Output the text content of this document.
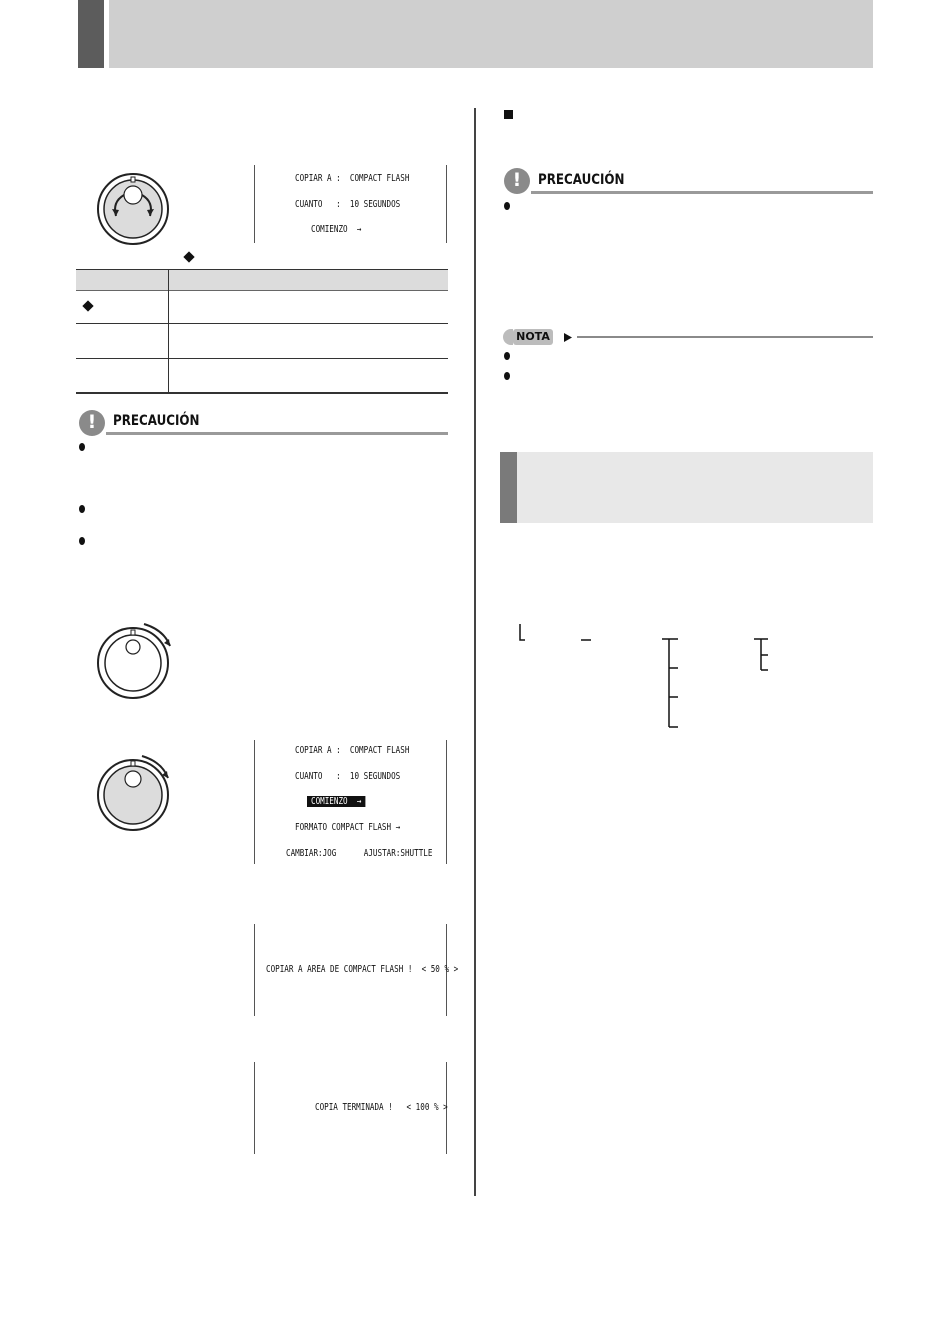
COPIAR A :  COMPACT FLASH
CUANTO   :  10 SEGUNDOS
COMIENZO  →
!	PRECAUCIÓN
COPIAR A :  COMPACT FLASH
CUANTO   :  10 SEGUNDOS
COMIENZO  →
FORMATO COMPACT FLASH →
CAMBIAR:JOG      AJUSTAR:SHUTTLE
COPIAR A AREA DE COMPACT FLASH !  < 50 % >
COPIA TERMINADA !   < 100 % >
!	PRECAUCIÓN
NOTA
